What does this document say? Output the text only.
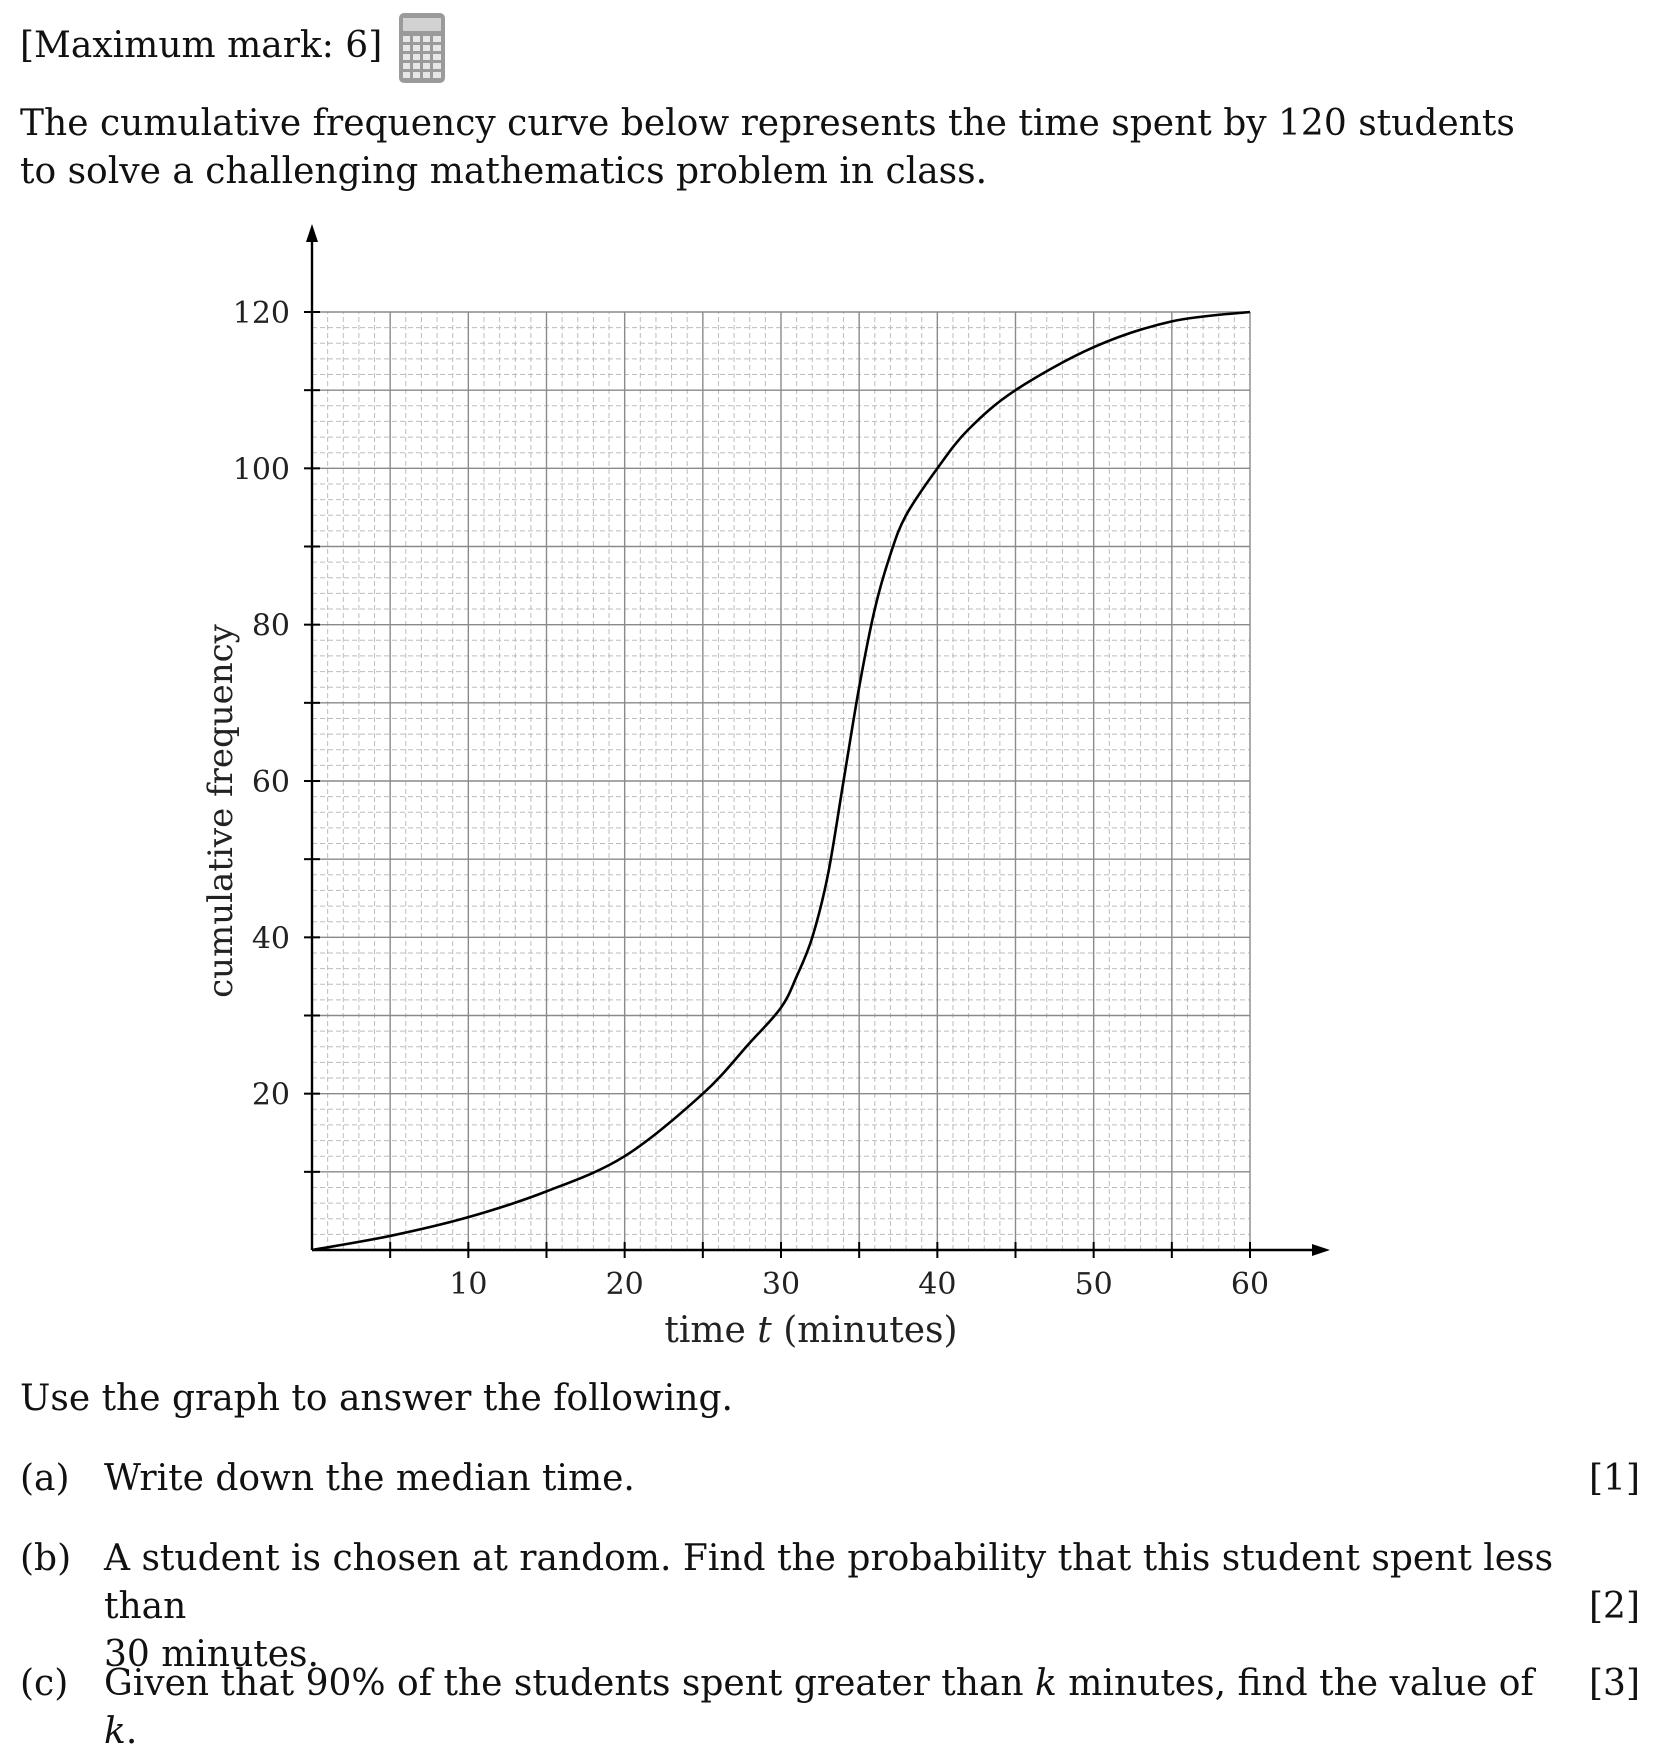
[Maximum mark: 6]

The cumulative frequency curve below represents the time spent by 120 students to solve a challenging mathematics problem in class.

10	20	30	40	50	60
20
40
60
80
100
120
cumulative frequency
time t (minutes)
Use the graph to answer the following.
(a) Write down the median time.	[1]
(b) A student is chosen at random. Find the probability that this student spent less than
30 minutes.
[2]
(c) Given that 90% of the students spent greater than k minutes, find the value of k.
[3]
